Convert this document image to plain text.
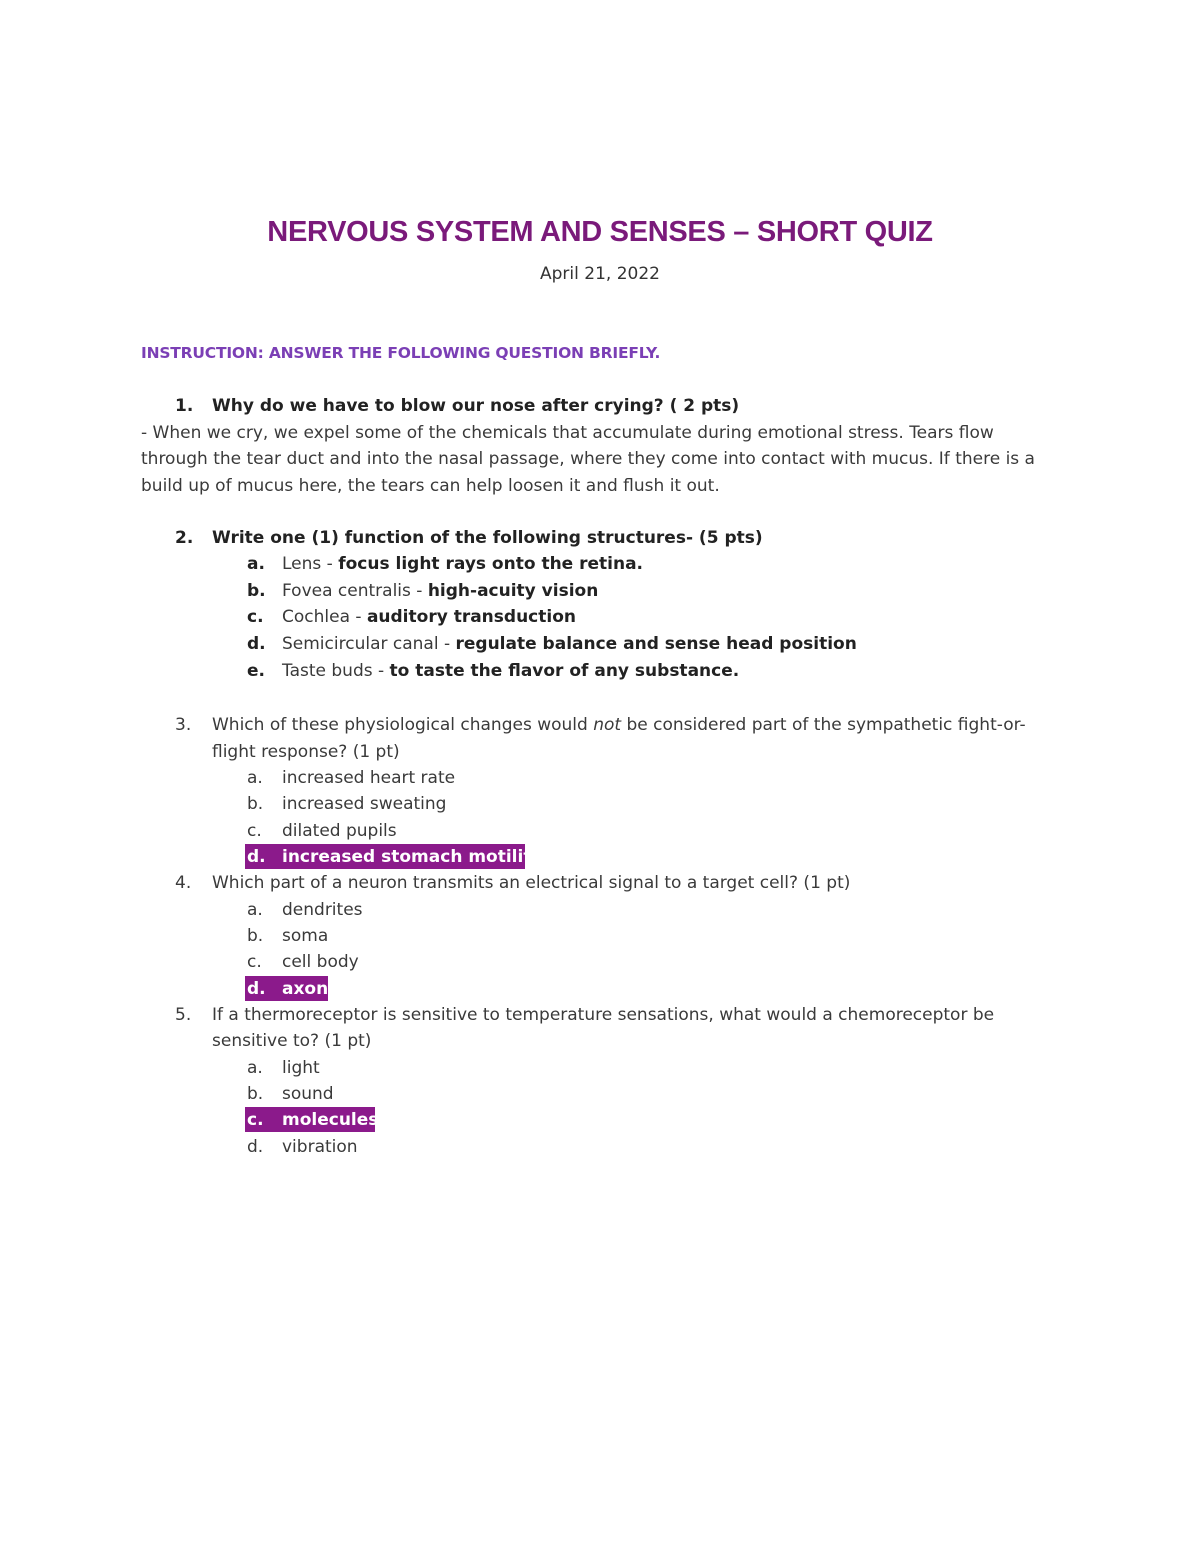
NERVOUS SYSTEM AND SENSES – SHORT QUIZ
April 21, 2022
INSTRUCTION: ANSWER THE FOLLOWING QUESTION BRIEFLY.
1. Why do we have to blow our nose after crying? ( 2 pts)
- When we cry, we expel some of the chemicals that accumulate during emotional stress. Tears flow
through the tear duct and into the nasal passage, where they come into contact with mucus. If there is a
build up of mucus here, the tears can help loosen it and flush it out.
2. Write one (1) function of the following structures- (5 pts)
a. Lens - focus light rays onto the retina.
b. Fovea centralis - high-acuity vision
c. Cochlea - auditory transduction
d. Semicircular canal - regulate balance and sense head position
e. Taste buds - to taste the flavor of any substance.
3. Which of these physiological changes would not be considered part of the sympathetic fight-or-
flight response? (1 pt)
a. increased heart rate
b. increased sweating
c. dilated pupils
d. increased stomach motility
4. Which part of a neuron transmits an electrical signal to a target cell? (1 pt)
a. dendrites
b. soma
c. cell body
d. axon
5. If a thermoreceptor is sensitive to temperature sensations, what would a chemoreceptor be
sensitive to? (1 pt)
a. light
b. sound
c. molecules
d. vibration
